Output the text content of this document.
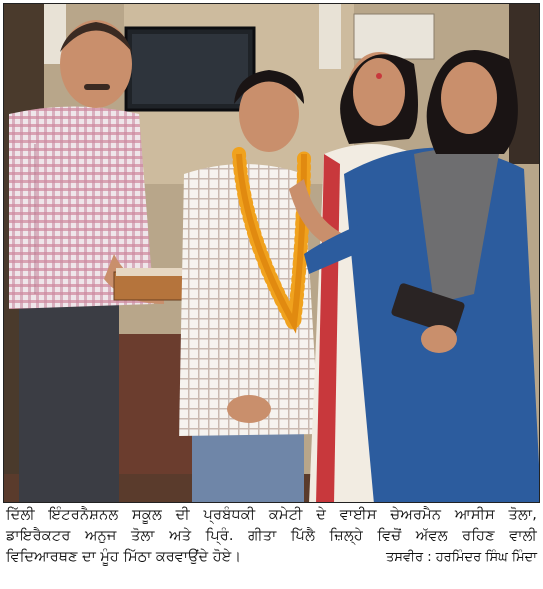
ਦਿੱਲੀ ਇੰਟਰਨੈਸ਼ਨਲ ਸਕੂਲ ਦੀ ਪ੍ਰਬੰਧਕੀ ਕਮੇਟੀ ਦੇ ਵਾਈਸ ਚੇਅਰਮੈਨ ਆਸੀਸ ਤੋਲਾ,
ਡਾਇਰੈਕਟਰ ਅਨੁਜ ਤੋਲਾ ਅਤੇ ਪ੍ਰਿੰ. ਗੀਤਾ ਪਿੱਲੈ ਜ਼ਿਲ੍ਹੇ ਵਿਚੋਂ ਅੱਵਲ ਰਹਿਣ ਵਾਲੀ
ਵਿਦਿਆਰਥਣ ਦਾ ਮੂੰਹ ਮਿੱਠਾ ਕਰਵਾਉਂਦੇ ਹੋਏ।	ਤਸਵੀਰ : ਹਰਮਿੰਦਰ ਸਿੰਘ ਮਿੰਦਾ
